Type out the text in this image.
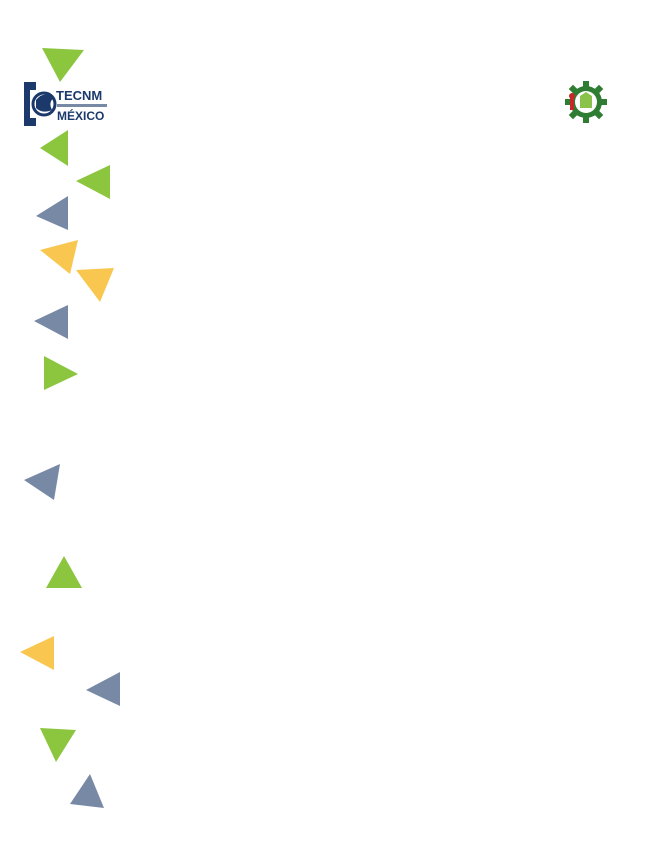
TECNM
MÉXICO
